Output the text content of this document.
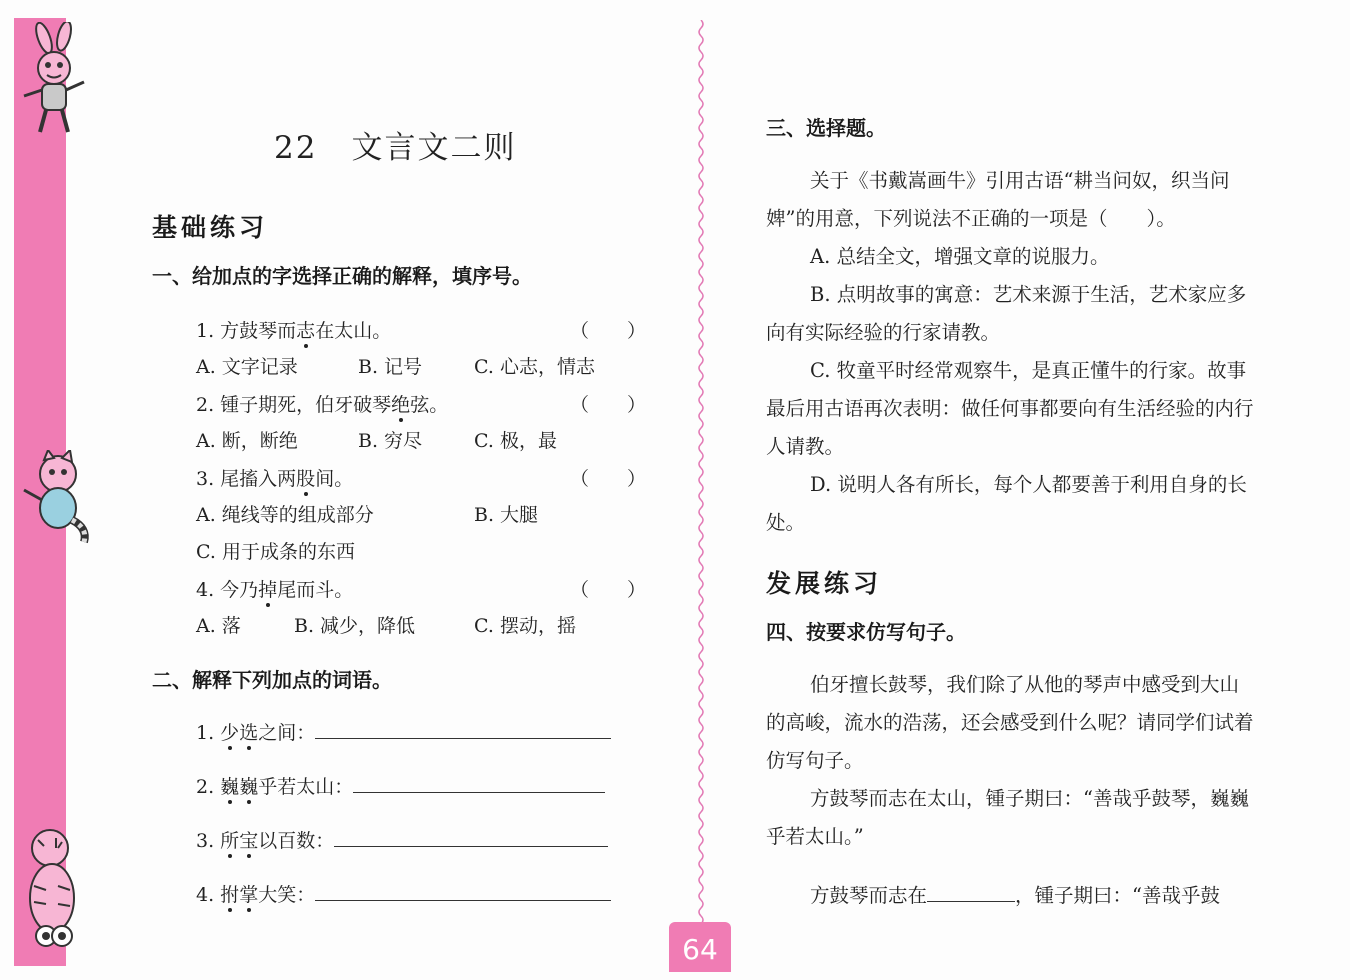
22 文言文二则
基础练习
一、给加点的字选择正确的解释，填序号。
1. 方鼓琴而志在太山。	（　　）
A. 文字记录	B. 记号	C. 心志，情志
2. 锺子期死，伯牙破琴绝弦。	（　　）
A. 断，断绝	B. 穷尽	C. 极，最
3. 尾搐入两股间。	（　　）
A. 绳线等的组成部分	B. 大腿
C. 用于成条的东西
4. 今乃掉尾而斗。	（　　）
A. 落	B. 减少，降低	C. 摆动，摇
二、解释下列加点的词语。
1. 少选之间：
2. 巍巍乎若太山：
3. 所宝以百数：
4. 拊掌大笑：
三、选择题。

关于《书戴嵩画牛》引用古语“耕当问奴，织当问婢”的用意，下列说法不正确的一项是（　　）。

A. 总结全文，增强文章的说服力。

B. 点明故事的寓意：艺术来源于生活，艺术家应多向有实际经验的行家请教。

C. 牧童平时经常观察牛，是真正懂牛的行家。故事最后用古语再次表明：做任何事都要向有生活经验的内行人请教。

D. 说明人各有所长，每个人都要善于利用自身的长处。

发展练习
四、按要求仿写句子。

伯牙擅长鼓琴，我们除了从他的琴声中感受到大山的高峻，流水的浩荡，还会感受到什么呢？请同学们试着仿写句子。

方鼓琴而志在太山，锺子期曰：“善哉乎鼓琴，巍巍乎若太山。”

方鼓琴而志在	，锺子期曰：“善哉乎鼓
64
